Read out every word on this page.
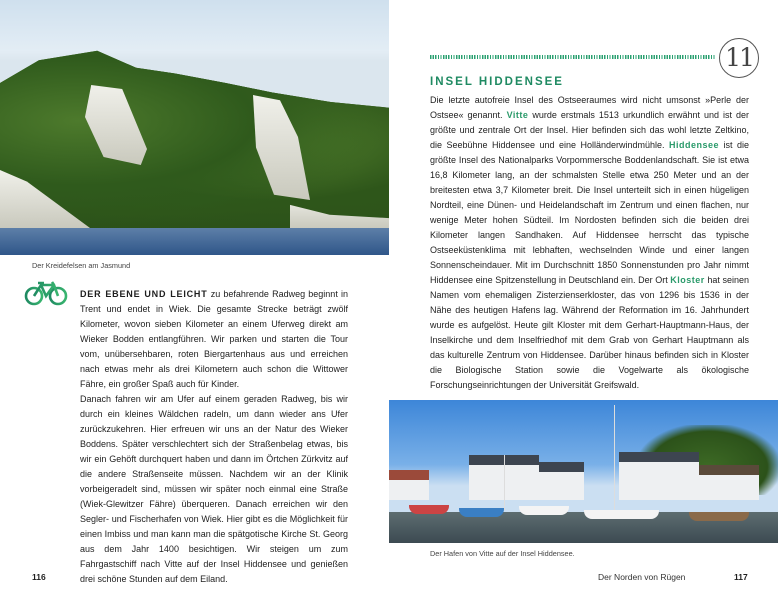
Der Kreidefelsen am Jasmund

DER EBENE UND LEICHT zu befahrende Radweg beginnt in Trent und endet in Wiek. Die gesamte Strecke beträgt zwölf Kilometer, wovon sieben Kilometer an einem Uferweg direkt am Wieker Bodden entlangführen. Wir parken und starten die Tour vom, unübersehbaren, roten Biergartenhaus aus und erreichen nach etwas mehr als drei Kilometern auch schon die Wittower Fähre, ein großer Spaß auch für Kinder.

Danach fahren wir am Ufer auf einem geraden Radweg, bis wir durch ein kleines Wäldchen radeln, um dann wieder ans Ufer zurückzukehren. Hier erfreuen wir uns an der Natur des Wieker Boddens. Später verschlechtert sich der Straßenbelag etwas, bis wir ein Gehöft durchquert haben und dann im Örtchen Zürkvitz auf die andere Straßenseite müssen. Nachdem wir an der Klinik vorbeigeradelt sind, müssen wir später noch einmal eine Straße (Wiek-Glewitzer Fähre) überqueren. Danach erreichen wir den Segler- und Fischerhafen von Wiek. Hier gibt es die Möglichkeit für einen Imbiss und man kann man die spätgotische Kirche St. Georg aus dem Jahr 1400 besichtigen. Wir steigen um zum Fahrgastschiff nach Vitte auf der Insel Hiddensee und genießen drei schöne Stunden auf dem Eiland.

116
11
INSEL HIDDENSEE

Die letzte autofreie Insel des Ostseeraumes wird nicht umsonst »Perle der Ostsee« genannt. Vitte wurde erstmals 1513 urkundlich erwähnt und ist der größte und zentrale Ort der Insel. Hier befinden sich das wohl letzte Zeltkino, die Seebühne Hiddensee und eine Holländerwindmühle. Hiddensee ist die größte Insel des Nationalparks Vorpommersche Boddenlandschaft. Sie ist etwa 16,8 Kilometer lang, an der schmalsten Stelle etwa 250 Meter und an der breitesten etwa 3,7 Kilometer breit. Die Insel unterteilt sich in einen hügeligen Nordteil, eine Dünen- und Heidelandschaft im Zentrum und einen flachen, nur wenige Meter hohen Südteil. Im Nordosten befinden sich die beiden drei Kilometer langen Sandhaken. Auf Hiddensee herrscht das typische Ostseeküstenklima mit lebhaften, wechselnden Winde und einer langen Sonnenscheindauer. Mit im Durchschnitt 1850 Sonnenstunden pro Jahr nimmt Hiddensee eine Spitzenstellung in Deutschland ein. Der Ort Kloster hat seinen Namen vom ehemaligen Zisterzienserkloster, das von 1296 bis 1536 in der Nähe des heutigen Hafens lag. Während der Reformation im 16. Jahrhundert wurde es aufgelöst. Heute gilt Kloster mit dem Gerhart-Hauptmann-Haus, der Inselkirche und dem Inselfriedhof mit dem Grab von Gerhart Hauptmann als das kulturelle Zentrum von Hiddensee. Darüber hinaus befinden sich in Kloster die Biologische Station sowie die Vogelwarte als ökologische Forschungseinrichtungen der Universität Greifswald.

Der Hafen von Vitte auf der Insel Hiddensee.
Der Norden von Rügen	117
